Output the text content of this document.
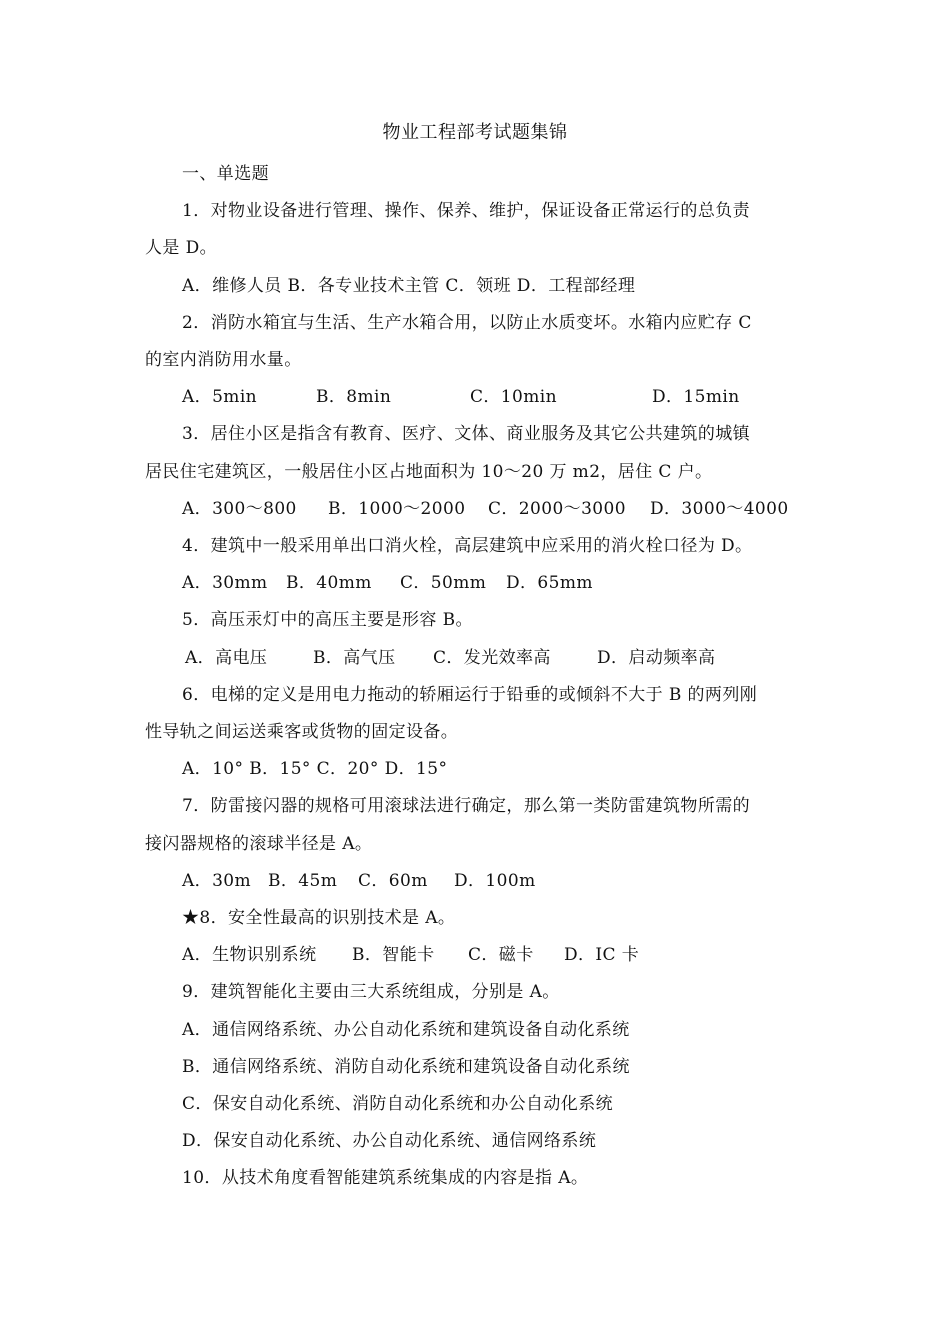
物业工程部考试题集锦

一、单选题

1．对物业设备进行管理、操作、保养、维护，保证设备正常运行的总负责

人是 D。

A．维修人员 B．各专业技术主管 C．领班 D．工程部经理

2．消防水箱宜与生活、生产水箱合用，以防止水质变坏。水箱内应贮存 C

的室内消防用水量。

A．5min	B．8min	C．10min	D．15min

3．居住小区是指含有教育、医疗、文体、商业服务及其它公共建筑的城镇

居民住宅建筑区，一般居住小区占地面积为 10～20 万 m2，居住 C 户。

A．300～800	B．1000～2000	C．2000～3000	D．3000～4000

4．建筑中一般采用单出口消火栓，高层建筑中应采用的消火栓口径为 D。

A．30mm	B．40mm	C．50mm	D．65mm

5．高压汞灯中的高压主要是形容 B。

A．高电压	B．高气压	C．发光效率高	D．启动频率高

6．电梯的定义是用电力拖动的轿厢运行于铅垂的或倾斜不大于 B 的两列刚

性导轨之间运送乘客或货物的固定设备。

A．10° B．15° C．20° D．15°

7．防雷接闪器的规格可用滚球法进行确定，那么第一类防雷建筑物所需的

接闪器规格的滚球半径是 A。

A．30m B．45m	C．60m	D．100m

★8．安全性最高的识别技术是 A。

A．生物识别系统	B．智能卡	C．磁卡	D．IC 卡

9．建筑智能化主要由三大系统组成，分别是 A。

A．通信网络系统、办公自动化系统和建筑设备自动化系统

B．通信网络系统、消防自动化系统和建筑设备自动化系统

C．保安自动化系统、消防自动化系统和办公自动化系统

D．保安自动化系统、办公自动化系统、通信网络系统

10．从技术角度看智能建筑系统集成的内容是指 A。
